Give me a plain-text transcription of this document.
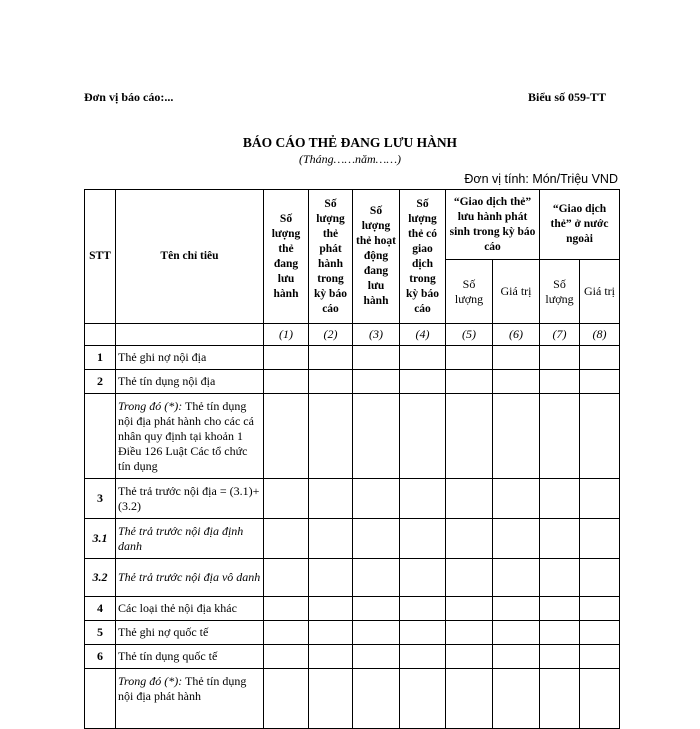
Đơn vị báo cáo:...	Biểu số 059-TT
BÁO CÁO THẺ ĐANG LƯU HÀNH
(Tháng……năm……)
Đơn vị tính: Món/Triệu VND
STT	Tên chỉ tiêu	Số lượng thẻ đang lưu hành	Số lượng thẻ phát hành trong kỳ báo cáo	Số lượng thẻ hoạt động đang lưu hành	Số lượng thẻ có giao dịch trong kỳ báo cáo	“Giao dịch thẻ” lưu hành phát sinh trong kỳ báo cáo		“Giao dịch thẻ” ở nước ngoài	
						Số lượng	Giá trị	Số lượng	Giá trị
		(1)	(2)	(3)	(4)	(5)	(6)	(7)	(8)
1	Thẻ ghi nợ nội địa								
2	Thẻ tín dụng nội địa								
	Trong đó (*): Thẻ tín dụng nội địa phát hành cho các cá nhân quy định tại khoản 1 Điều 126 Luật Các tổ chức tín dụng								
3	Thẻ trả trước nội địa = (3.1)+(3.2)								
3.1	Thẻ trả trước nội địa định danh								
3.2	Thẻ trả trước nội địa vô danh								
4	Các loại thẻ nội địa khác								
5	Thẻ ghi nợ quốc tế								
6	Thẻ tín dụng quốc tế								
	Trong đó (*): Thẻ tín dụng nội địa phát hành								
